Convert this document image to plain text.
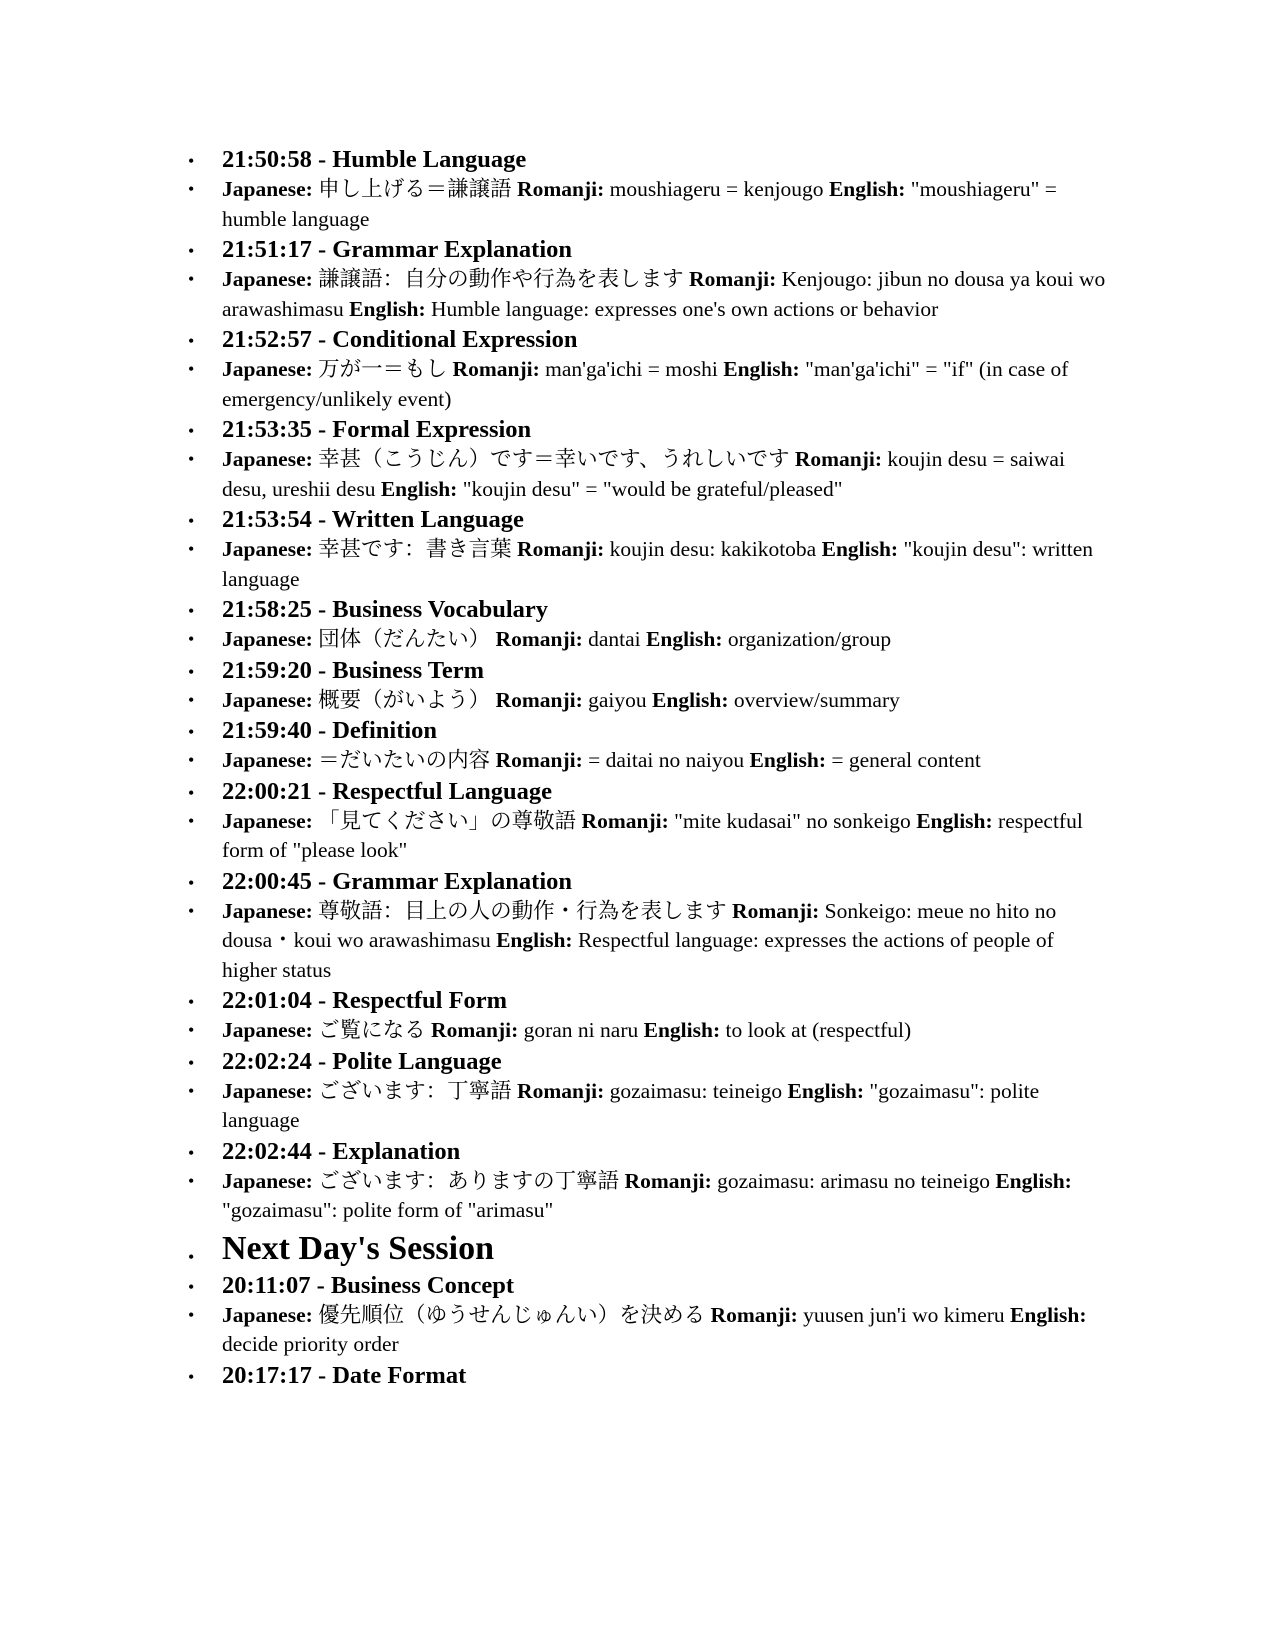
• 21:50:58 - Humble Language
• Japanese: 申し上げる＝謙譲語 Romanji: moushiageru = kenjougo English: "moushiageru" = humble language
• 21:51:17 - Grammar Explanation
• Japanese: 謙譲語：自分の動作や行為を表します Romanji: Kenjougo: jibun no dousa ya koui wo arawashimasu English: Humble language: expresses one's own actions or behavior
• 21:52:57 - Conditional Expression
• Japanese: 万が一＝もし Romanji: man'ga'ichi = moshi English: "man'ga'ichi" = "if" (in case of emergency/unlikely event)
• 21:53:35 - Formal Expression
• Japanese: 幸甚（こうじん）です＝幸いです、うれしいです Romanji: koujin desu = saiwai desu, ureshii desu English: "koujin desu" = "would be grateful/pleased"
• 21:53:54 - Written Language
• Japanese: 幸甚です：書き言葉 Romanji: koujin desu: kakikotoba English: "koujin desu": written language
• 21:58:25 - Business Vocabulary
• Japanese: 団体（だんたい） Romanji: dantai English: organization/group
• 21:59:20 - Business Term
• Japanese: 概要（がいよう） Romanji: gaiyou English: overview/summary
• 21:59:40 - Definition
• Japanese: ＝だいたいの内容 Romanji: = daitai no naiyou English: = general content
• 22:00:21 - Respectful Language
• Japanese: 「見てください」の尊敬語 Romanji: "mite kudasai" no sonkeigo English: respectful form of "please look"
• 22:00:45 - Grammar Explanation
• Japanese: 尊敬語：目上の人の動作・行為を表します Romanji: Sonkeigo: meue no hito no dousa・koui wo arawashimasu English: Respectful language: expresses the actions of people of higher status
• 22:01:04 - Respectful Form
• Japanese: ご覧になる Romanji: goran ni naru English: to look at (respectful)
• 22:02:24 - Polite Language
• Japanese: ございます：丁寧語 Romanji: gozaimasu: teineigo English: "gozaimasu": polite language
• 22:02:44 - Explanation
• Japanese: ございます：ありますの丁寧語 Romanji: gozaimasu: arimasu no teineigo English: "gozaimasu": polite form of "arimasu"
• Next Day's Session
• 20:11:07 - Business Concept
• Japanese: 優先順位（ゆうせんじゅんい）を決める Romanji: yuusen jun'i wo kimeru English: decide priority order
• 20:17:17 - Date Format
